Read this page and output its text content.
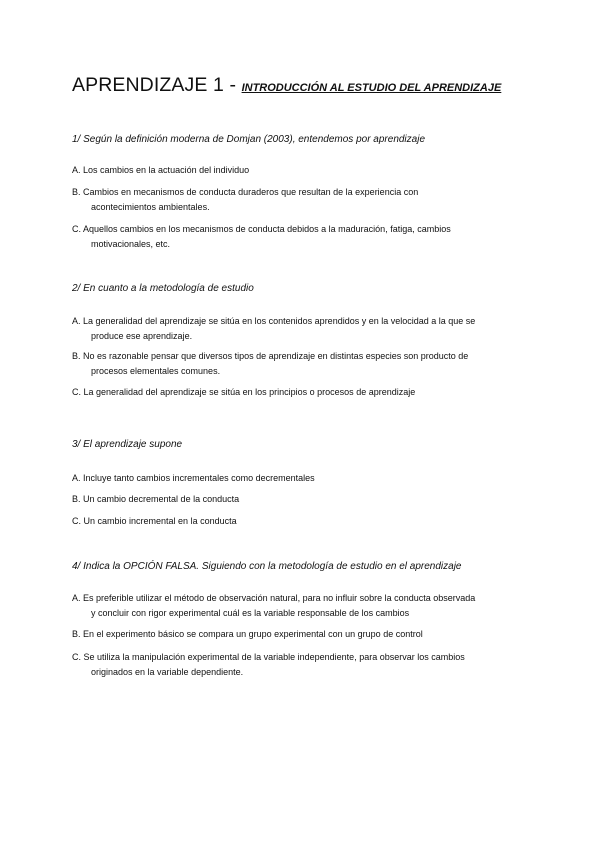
APRENDIZAJE 1 - INTRODUCCIÓN AL ESTUDIO DEL APRENDIZAJE
1/ Según la definición moderna de Domjan (2003), entendemos por aprendizaje
A. Los cambios en la actuación del individuo
B. Cambios en mecanismos de conducta duraderos que resultan de la experiencia con
acontecimientos ambientales.
C. Aquellos cambios en los mecanismos de conducta debidos a la maduración, fatiga, cambios
motivacionales, etc.
2/ En cuanto a la metodología de estudio
A. La generalidad del aprendizaje se sitúa en los contenidos aprendidos y en la velocidad a la que se
produce ese aprendizaje.
B. No es razonable pensar que diversos tipos de aprendizaje en distintas especies son producto de
procesos elementales comunes.
C. La generalidad del aprendizaje se sitúa en los principios o procesos de aprendizaje
3/ El aprendizaje supone
A. Incluye tanto cambios incrementales como decrementales
B. Un cambio decremental de la conducta
C. Un cambio incremental en la conducta
4/ Indica la OPCIÓN FALSA. Siguiendo con la metodología de estudio en el aprendizaje
A. Es preferible utilizar el método de observación natural, para no influir sobre la conducta observada
y concluir con rigor experimental cuál es la variable responsable de los cambios
B. En el experimento básico se compara un grupo experimental con un grupo de control
C. Se utiliza la manipulación experimental de la variable independiente, para observar los cambios
originados en la variable dependiente.
